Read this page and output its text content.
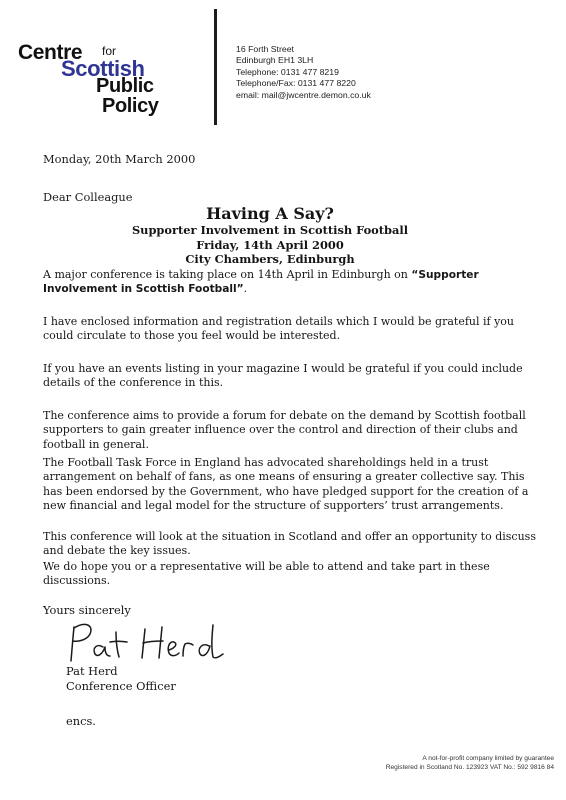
Centre for
Scottish
Public
Policy
16 Forth Street
Edinburgh EH1 3LH
Telephone: 0131 477 8219
Telephone/Fax: 0131 477 8220
email: mail@jwcentre.demon.co.uk
Monday, 20th March 2000
Dear Colleague
Having A Say?
Supporter Involvement in Scottish Football
Friday, 14th April 2000
City Chambers, Edinburgh

A major conference is taking place on 14th April in Edinburgh on “Supporter Involvement in Scottish Football”.

I have enclosed information and registration details which I would be grateful if you could circulate to those you feel would be interested.

If you have an events listing in your magazine I would be grateful if you could include details of the conference in this.

The conference aims to provide a forum for debate on the demand by Scottish football supporters to gain greater influence over the control and direction of their clubs and football in general.

The Football Task Force in England has advocated shareholdings held in a trust arrangement on behalf of fans, as one means of ensuring a greater collective say. This has been endorsed by the Government, who have pledged support for the creation of a new financial and legal model for the structure of supporters’ trust arrangements.

This conference will look at the situation in Scotland and offer an opportunity to discuss and debate the key issues.

We do hope you or a representative will be able to attend and take part in these discussions.

Yours sincerely
Pat Herd
Conference Officer
encs.
A not-for-profit company limited by guarantee
Registered in Scotland No. 123923 VAT No.: 592 9816 84
